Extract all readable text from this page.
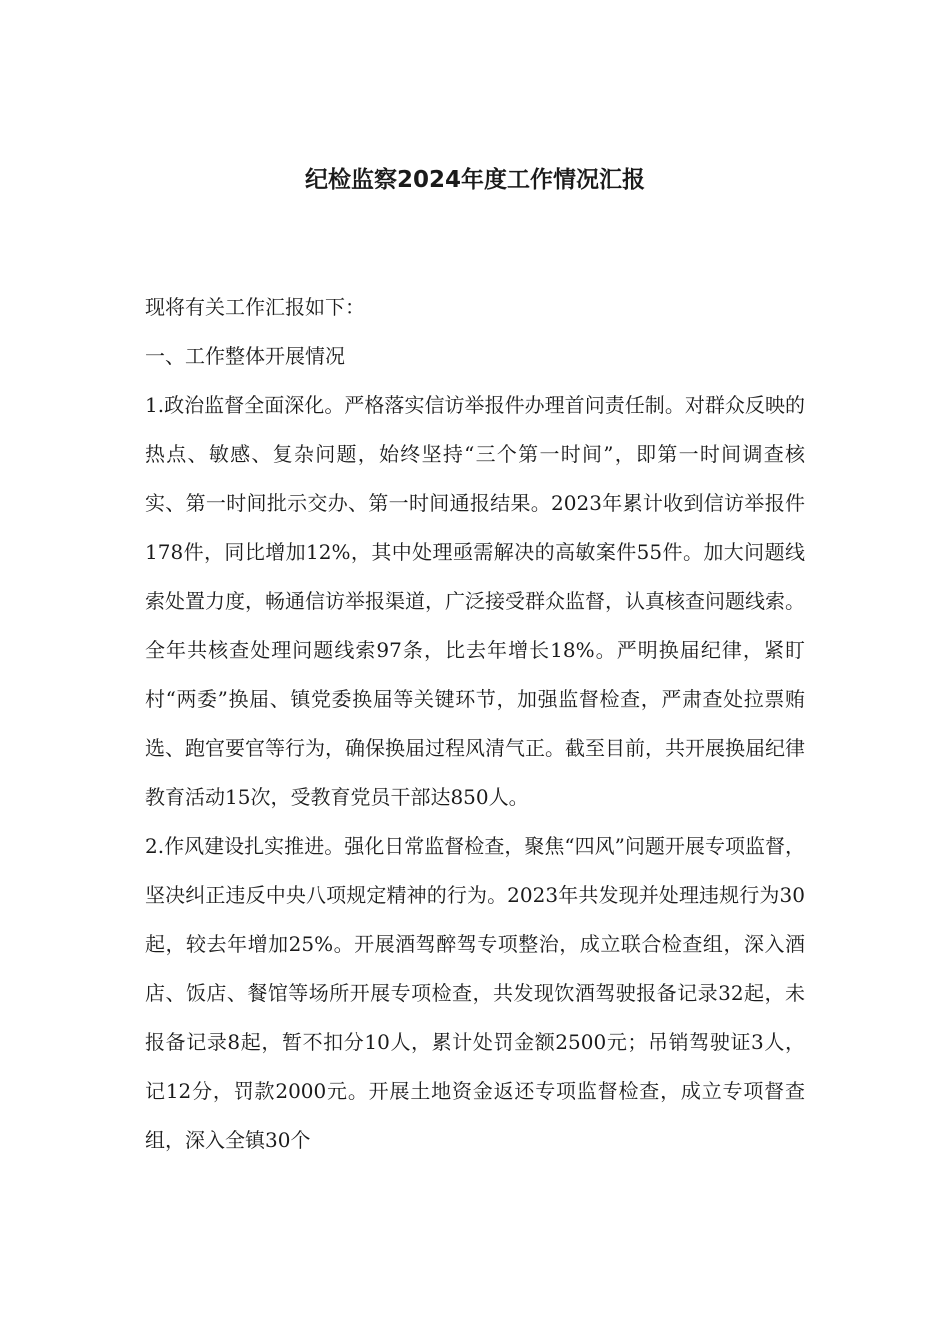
纪检监察2024年度工作情况汇报

现将有关工作汇报如下：

一、工作整体开展情况

1.政治监督全面深化。严格落实信访举报件办理首问责任制。对群众反映的热点、敏感、复杂问题，始终坚持“三个第一时间”，即第一时间调查核实、第一时间批示交办、第一时间通报结果。2023年累计收到信访举报件178件，同比增加12%，其中处理亟需解决的高敏案件55件。加大问题线索处置力度，畅通信访举报渠道，广泛接受群众监督，认真核查问题线索。全年共核查处理问题线索97条，比去年增长18%。严明换届纪律，紧盯村“两委”换届、镇党委换届等关键环节，加强监督检查，严肃查处拉票贿选、跑官要官等行为，确保换届过程风清气正。截至目前，共开展换届纪律教育活动15次，受教育党员干部达850人。

2.作风建设扎实推进。强化日常监督检查，聚焦“四风”问题开展专项监督，坚决纠正违反中央八项规定精神的行为。2023年共发现并处理违规行为30起，较去年增加25%。开展酒驾醉驾专项整治，成立联合检查组，深入酒店、饭店、餐馆等场所开展专项检查，共发现饮酒驾驶报备记录32起，未报备记录8起，暂不扣分10人，累计处罚金额2500元；吊销驾驶证3人，记12分，罚款2000元。开展土地资金返还专项监督检查，成立专项督查组，深入全镇30个
